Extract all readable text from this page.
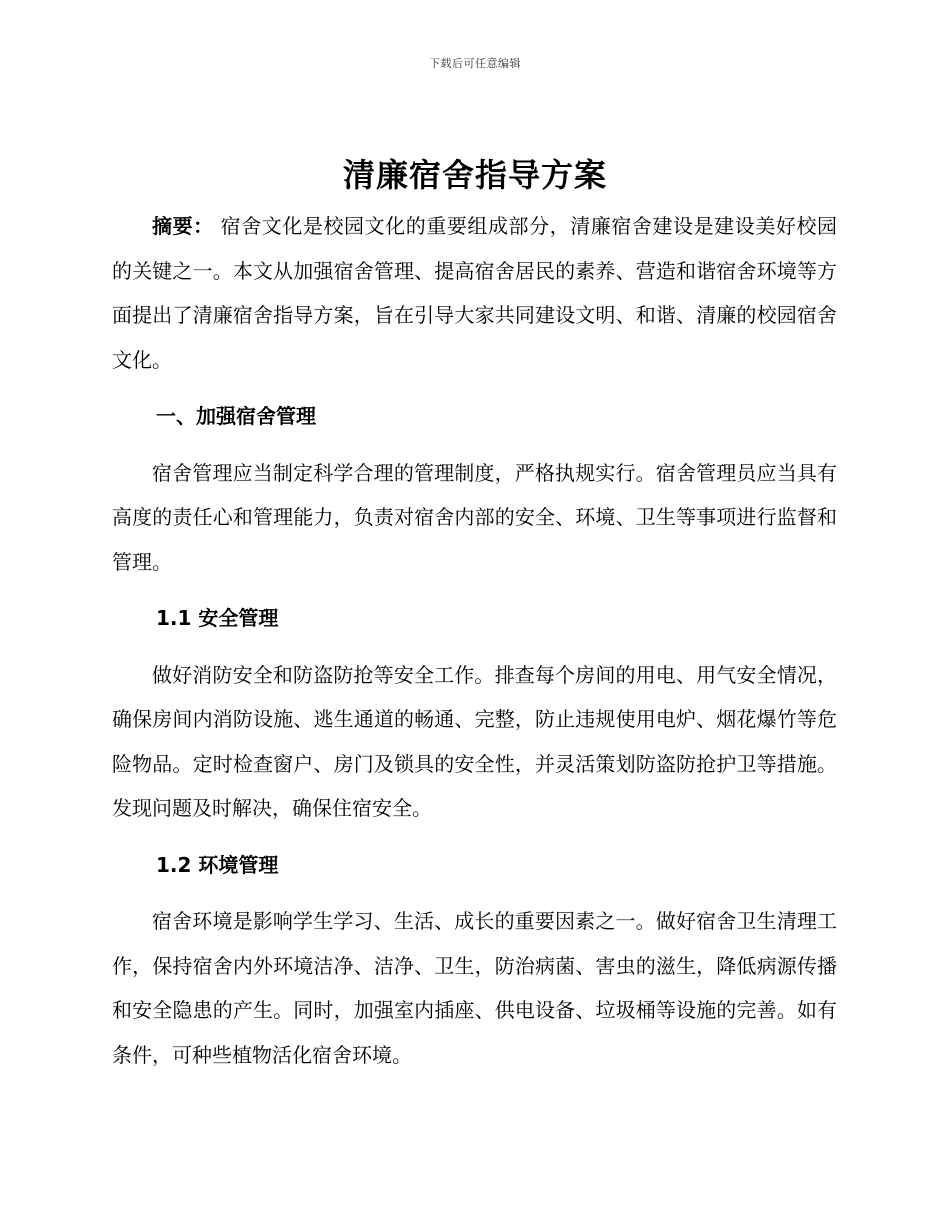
下载后可任意编辑
清廉宿舍指导方案

摘要： 宿舍文化是校园文化的重要组成部分，清廉宿舍建设是建设美好校园的关键之一。本文从加强宿舍管理、提高宿舍居民的素养、营造和谐宿舍环境等方面提出了清廉宿舍指导方案，旨在引导大家共同建设文明、和谐、清廉的校园宿舍文化。

一、加强宿舍管理

宿舍管理应当制定科学合理的管理制度，严格执规实行。宿舍管理员应当具有高度的责任心和管理能力，负责对宿舍内部的安全、环境、卫生等事项进行监督和管理。

1.1 安全管理

做好消防安全和防盗防抢等安全工作。排查每个房间的用电、用气安全情况，确保房间内消防设施、逃生通道的畅通、完整，防止违规使用电炉、烟花爆竹等危险物品。定时检查窗户、房门及锁具的安全性，并灵活策划防盗防抢护卫等措施。发现问题及时解决，确保住宿安全。

1.2 环境管理

宿舍环境是影响学生学习、生活、成长的重要因素之一。做好宿舍卫生清理工作，保持宿舍内外环境洁净、洁净、卫生，防治病菌、害虫的滋生，降低病源传播和安全隐患的产生。同时，加强室内插座、供电设备、垃圾桶等设施的完善。如有条件，可种些植物活化宿舍环境。
